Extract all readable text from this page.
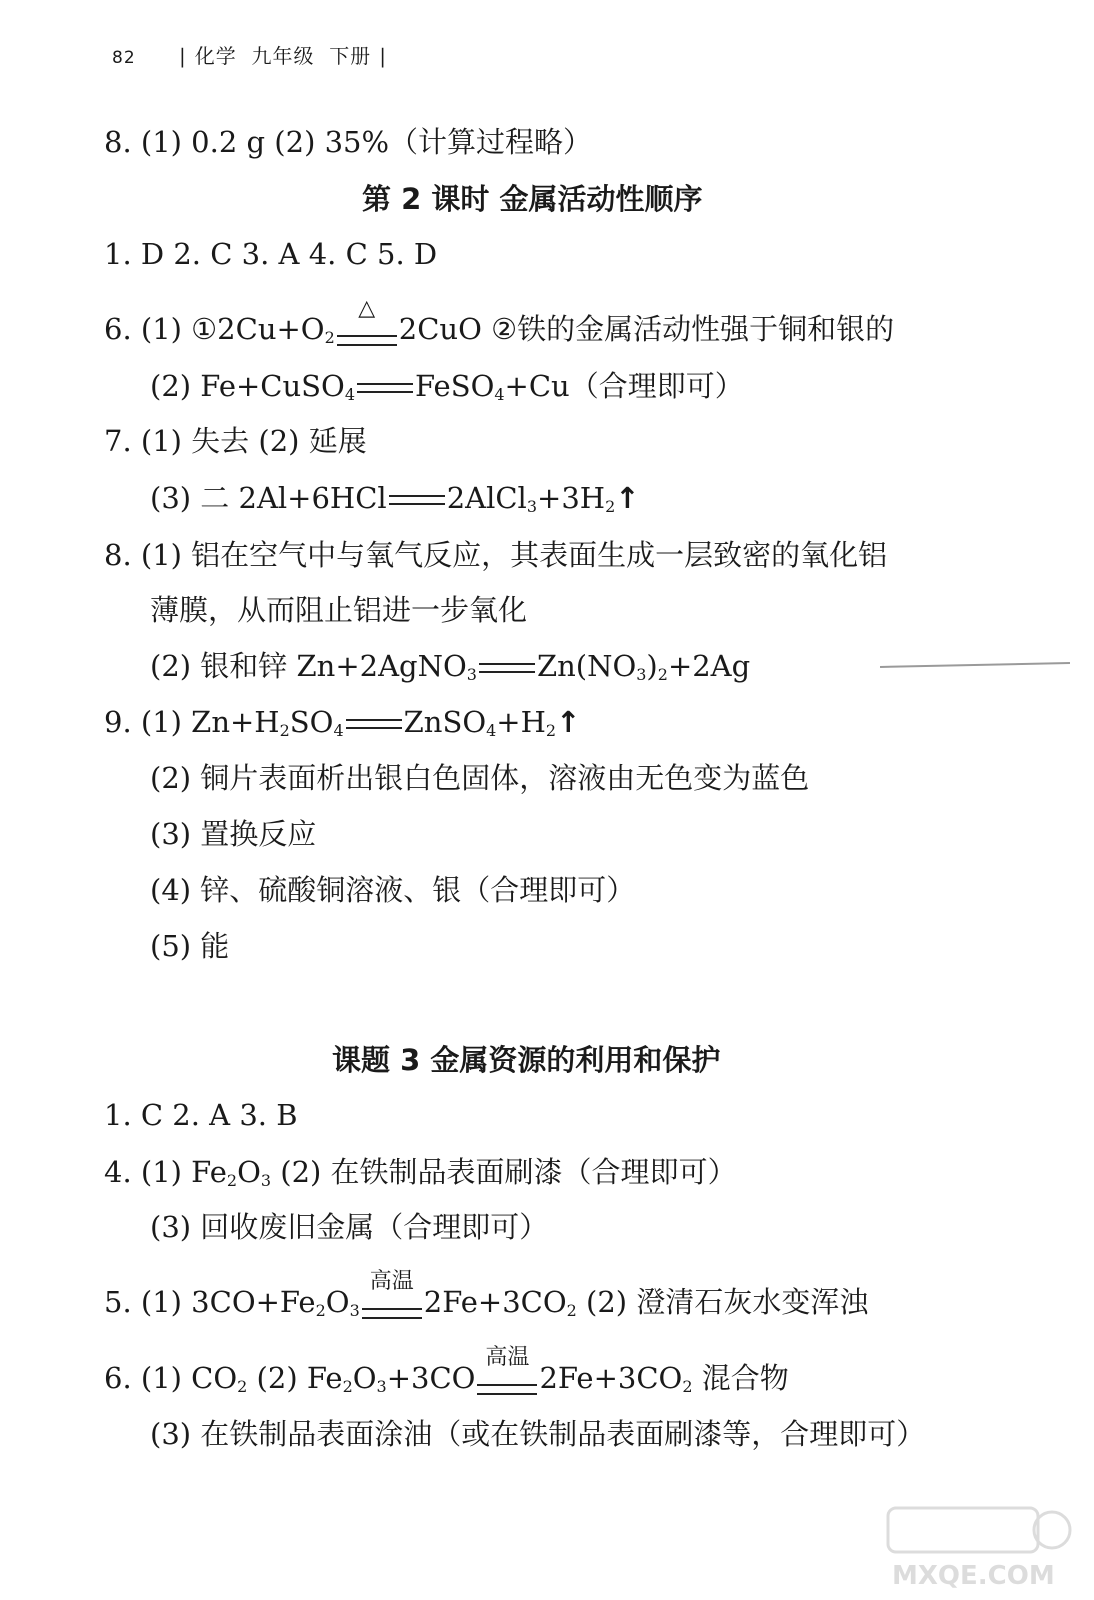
82 | 化学 九年级 下册 |
8. (1) 0.2 g (2) 35%（计算过程略）
第 2 课时 金属活动性顺序
1. D 2. C 3. A 4. C 5. D
6. (1) $①2Cu+O_2$
△
2CuO ②铁的金属活动性强于铜和银的
(2) Fe+CuSO$_4$ FeSO$_4$+Cu（合理即可）
7. (1) 失去 (2) 延展
(3) 二 2Al+6HCl $2AlCl_3+3H_2↑$
8. (1) 铝在空气中与氧气反应，其表面生成一层致密的氧化铝
薄膜，从而阻止铝进一步氧化
(2) 银和锌 Zn+2AgNO$_3$ $Zn(NO_3)_2+2Ag$
9. (1) $Zn+H_2SO_4$ $ZnSO_4+H_2↑$
(2) 铜片表面析出银白色固体，溶液由无色变为蓝色
(3) 置换反应
(4) 锌、硫酸铜溶液、银（合理即可）
(5) 能
课题 3 金属资源的利用和保护
1. C 2. A 3. B
4. (1) $Fe_2O_3$ (2) 在铁制品表面刷漆（合理即可）
(3) 回收废旧金属（合理即可）
5. (1) $3CO+Fe_2O_3$
高温
$2Fe+3CO_2$ (2) 澄清石灰水变浑浊
6. (1) $CO_2$ (2) $Fe_2O_3+3CO$
高温
$2Fe+3CO_2$ 混合物
(3) 在铁制品表面涂油（或在铁制品表面刷漆等，合理即可）
MXQE.COM
